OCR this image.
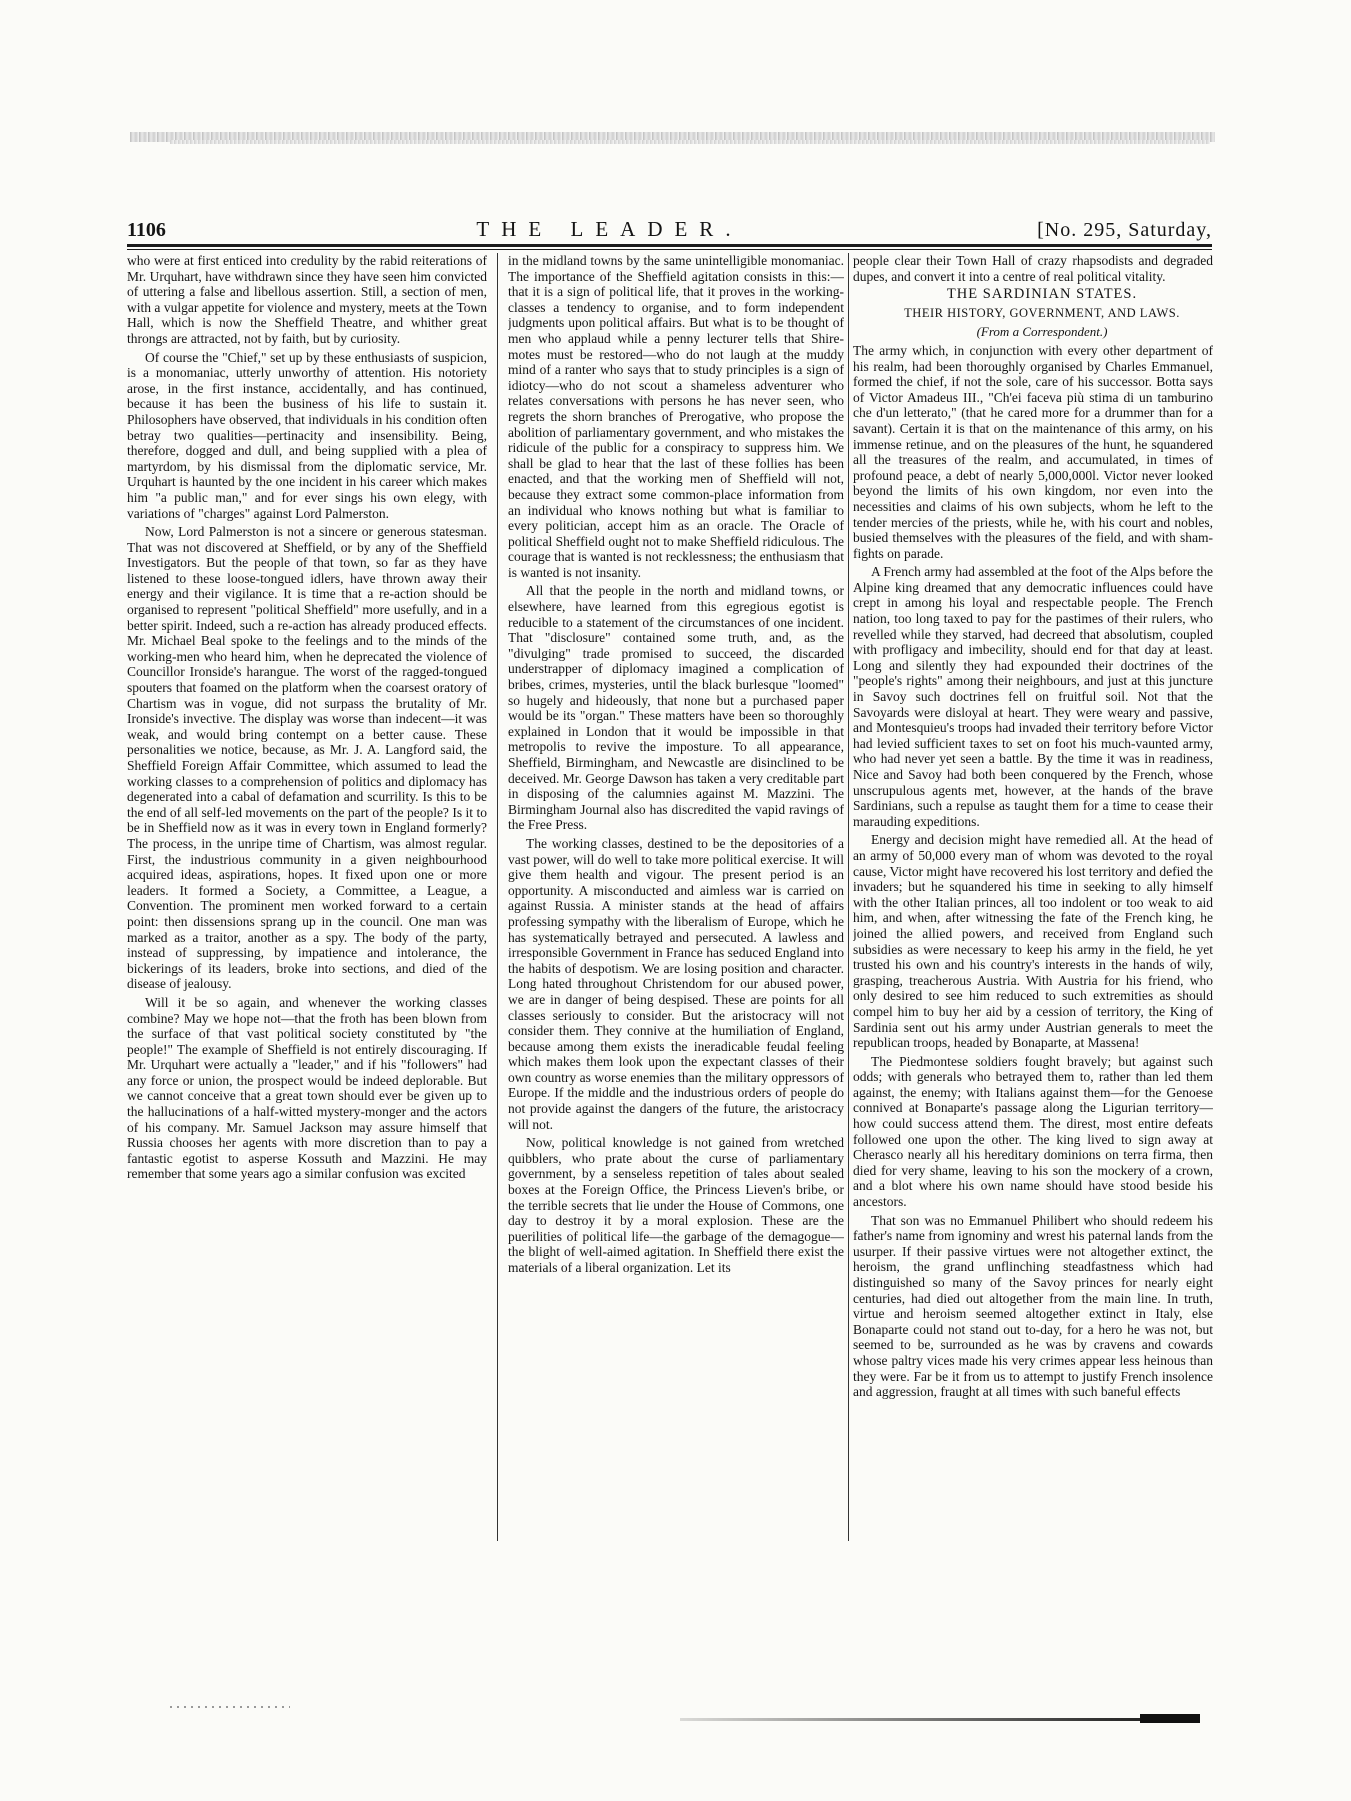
1106	THE LEADER.	[No. 295, Saturday,

who were at first enticed into credulity by the rabid reiterations of Mr. Urquhart, have withdrawn since they have seen him convicted of uttering a false and libellous assertion. Still, a section of men, with a vulgar appetite for violence and mystery, meets at the Town Hall, which is now the Sheffield Theatre, and whither great throngs are attracted, not by faith, but by curiosity.

Of course the "Chief," set up by these enthusiasts of suspicion, is a monomaniac, utterly unworthy of attention. His notoriety arose, in the first instance, accidentally, and has continued, because it has been the business of his life to sustain it. Philosophers have observed, that individuals in his condition often betray two qualities—pertinacity and insensibility. Being, therefore, dogged and dull, and being supplied with a plea of martyrdom, by his dismissal from the diplomatic service, Mr. Urquhart is haunted by the one incident in his career which makes him "a public man," and for ever sings his own elegy, with variations of "charges" against Lord Palmerston.

Now, Lord Palmerston is not a sincere or generous statesman. That was not discovered at Sheffield, or by any of the Sheffield Investigators. But the people of that town, so far as they have listened to these loose-tongued idlers, have thrown away their energy and their vigilance. It is time that a re-action should be organised to represent "political Sheffield" more usefully, and in a better spirit. Indeed, such a re-action has already produced effects. Mr. Michael Beal spoke to the feelings and to the minds of the working-men who heard him, when he deprecated the violence of Councillor Ironside's harangue. The worst of the ragged-tongued spouters that foamed on the platform when the coarsest oratory of Chartism was in vogue, did not surpass the brutality of Mr. Ironside's invective. The display was worse than indecent—it was weak, and would bring contempt on a better cause. These personalities we notice, because, as Mr. J. A. Langford said, the Sheffield Foreign Affair Committee, which assumed to lead the working classes to a comprehension of politics and diplomacy has degenerated into a cabal of defamation and scurrility. Is this to be the end of all self-led movements on the part of the people? Is it to be in Sheffield now as it was in every town in England formerly? The process, in the unripe time of Chartism, was almost regular. First, the industrious community in a given neighbourhood acquired ideas, aspirations, hopes. It fixed upon one or more leaders. It formed a Society, a Committee, a League, a Convention. The prominent men worked forward to a certain point: then dissensions sprang up in the council. One man was marked as a traitor, another as a spy. The body of the party, instead of suppressing, by impatience and intolerance, the bickerings of its leaders, broke into sections, and died of the disease of jealousy.

Will it be so again, and whenever the working classes combine? May we hope not—that the froth has been blown from the surface of that vast political society constituted by "the people!" The example of Sheffield is not entirely discouraging. If Mr. Urquhart were actually a "leader," and if his "followers" had any force or union, the prospect would be indeed deplorable. But we cannot conceive that a great town should ever be given up to the hallucinations of a half-witted mystery-monger and the actors of his company. Mr. Samuel Jackson may assure himself that Russia chooses her agents with more discretion than to pay a fantastic egotist to asperse Kossuth and Mazzini. He may remember that some years ago a similar confusion was excited

in the midland towns by the same unintelligible monomaniac. The importance of the Sheffield agitation consists in this:—that it is a sign of political life, that it proves in the working-classes a tendency to organise, and to form independent judgments upon political affairs. But what is to be thought of men who applaud while a penny lecturer tells that Shire-motes must be restored—who do not laugh at the muddy mind of a ranter who says that to study principles is a sign of idiotcy—who do not scout a shameless adventurer who relates conversations with persons he has never seen, who regrets the shorn branches of Prerogative, who propose the abolition of parliamentary government, and who mistakes the ridicule of the public for a conspiracy to suppress him. We shall be glad to hear that the last of these follies has been enacted, and that the working men of Sheffield will not, because they extract some common-place information from an individual who knows nothing but what is familiar to every politician, accept him as an oracle. The Oracle of political Sheffield ought not to make Sheffield ridiculous. The courage that is wanted is not recklessness; the enthusiasm that is wanted is not insanity.

All that the people in the north and midland towns, or elsewhere, have learned from this egregious egotist is reducible to a statement of the circumstances of one incident. That "disclosure" contained some truth, and, as the "divulging" trade promised to succeed, the discarded understrapper of diplomacy imagined a complication of bribes, crimes, mysteries, until the black burlesque "loomed" so hugely and hideously, that none but a purchased paper would be its "organ." These matters have been so thoroughly explained in London that it would be impossible in that metropolis to revive the imposture. To all appearance, Sheffield, Birmingham, and Newcastle are disinclined to be deceived. Mr. George Dawson has taken a very creditable part in disposing of the calumnies against M. Mazzini. The Birmingham Journal also has discredited the vapid ravings of the Free Press.

The working classes, destined to be the depositories of a vast power, will do well to take more political exercise. It will give them health and vigour. The present period is an opportunity. A misconducted and aimless war is carried on against Russia. A minister stands at the head of affairs professing sympathy with the liberalism of Europe, which he has systematically betrayed and persecuted. A lawless and irresponsible Government in France has seduced England into the habits of despotism. We are losing position and character. Long hated throughout Christendom for our abused power, we are in danger of being despised. These are points for all classes seriously to consider. But the aristocracy will not consider them. They connive at the humiliation of England, because among them exists the ineradicable feudal feeling which makes them look upon the expectant classes of their own country as worse enemies than the military oppressors of Europe. If the middle and the industrious orders of people do not provide against the dangers of the future, the aristocracy will not.

Now, political knowledge is not gained from wretched quibblers, who prate about the curse of parliamentary government, by a senseless repetition of tales about sealed boxes at the Foreign Office, the Princess Lieven's bribe, or the terrible secrets that lie under the House of Commons, one day to destroy it by a moral explosion. These are the puerilities of political life—the garbage of the demagogue—the blight of well-aimed agitation. In Sheffield there exist the materials of a liberal organization. Let its

people clear their Town Hall of crazy rhapsodists and degraded dupes, and convert it into a centre of real political vitality.

THE SARDINIAN STATES.

THEIR HISTORY, GOVERNMENT, AND LAWS.

(From a Correspondent.)

The army which, in conjunction with every other department of his realm, had been thoroughly organised by Charles Emmanuel, formed the chief, if not the sole, care of his successor. Botta says of Victor Amadeus III., "Ch'ei faceva più stima di un tamburino che d'un letterato," (that he cared more for a drummer than for a savant). Certain it is that on the maintenance of this army, on his immense retinue, and on the pleasures of the hunt, he squandered all the treasures of the realm, and accumulated, in times of profound peace, a debt of nearly 5,000,000l. Victor never looked beyond the limits of his own kingdom, nor even into the necessities and claims of his own subjects, whom he left to the tender mercies of the priests, while he, with his court and nobles, busied themselves with the pleasures of the field, and with sham-fights on parade.

A French army had assembled at the foot of the Alps before the Alpine king dreamed that any democratic influences could have crept in among his loyal and respectable people. The French nation, too long taxed to pay for the pastimes of their rulers, who revelled while they starved, had decreed that absolutism, coupled with profligacy and imbecility, should end for that day at least. Long and silently they had expounded their doctrines of the "people's rights" among their neighbours, and just at this juncture in Savoy such doctrines fell on fruitful soil. Not that the Savoyards were disloyal at heart. They were weary and passive, and Montesquieu's troops had invaded their territory before Victor had levied sufficient taxes to set on foot his much-vaunted army, who had never yet seen a battle. By the time it was in readiness, Nice and Savoy had both been conquered by the French, whose unscrupulous agents met, however, at the hands of the brave Sardinians, such a repulse as taught them for a time to cease their marauding expeditions.

Energy and decision might have remedied all. At the head of an army of 50,000 every man of whom was devoted to the royal cause, Victor might have recovered his lost territory and defied the invaders; but he squandered his time in seeking to ally himself with the other Italian princes, all too indolent or too weak to aid him, and when, after witnessing the fate of the French king, he joined the allied powers, and received from England such subsidies as were necessary to keep his army in the field, he yet trusted his own and his country's interests in the hands of wily, grasping, treacherous Austria. With Austria for his friend, who only desired to see him reduced to such extremities as should compel him to buy her aid by a cession of territory, the King of Sardinia sent out his army under Austrian generals to meet the republican troops, headed by Bonaparte, at Massena!

The Piedmontese soldiers fought bravely; but against such odds; with generals who betrayed them to, rather than led them against, the enemy; with Italians against them—for the Genoese connived at Bonaparte's passage along the Ligurian territory—how could success attend them. The direst, most entire defeats followed one upon the other. The king lived to sign away at Cherasco nearly all his hereditary dominions on terra firma, then died for very shame, leaving to his son the mockery of a crown, and a blot where his own name should have stood beside his ancestors.

That son was no Emmanuel Philibert who should redeem his father's name from ignominy and wrest his paternal lands from the usurper. If their passive virtues were not altogether extinct, the heroism, the grand unflinching steadfastness which had distinguished so many of the Savoy princes for nearly eight centuries, had died out altogether from the main line. In truth, virtue and heroism seemed altogether extinct in Italy, else Bonaparte could not stand out to-day, for a hero he was not, but seemed to be, surrounded as he was by cravens and cowards whose paltry vices made his very crimes appear less heinous than they were. Far be it from us to attempt to justify French insolence and aggression, fraught at all times with such baneful effects
